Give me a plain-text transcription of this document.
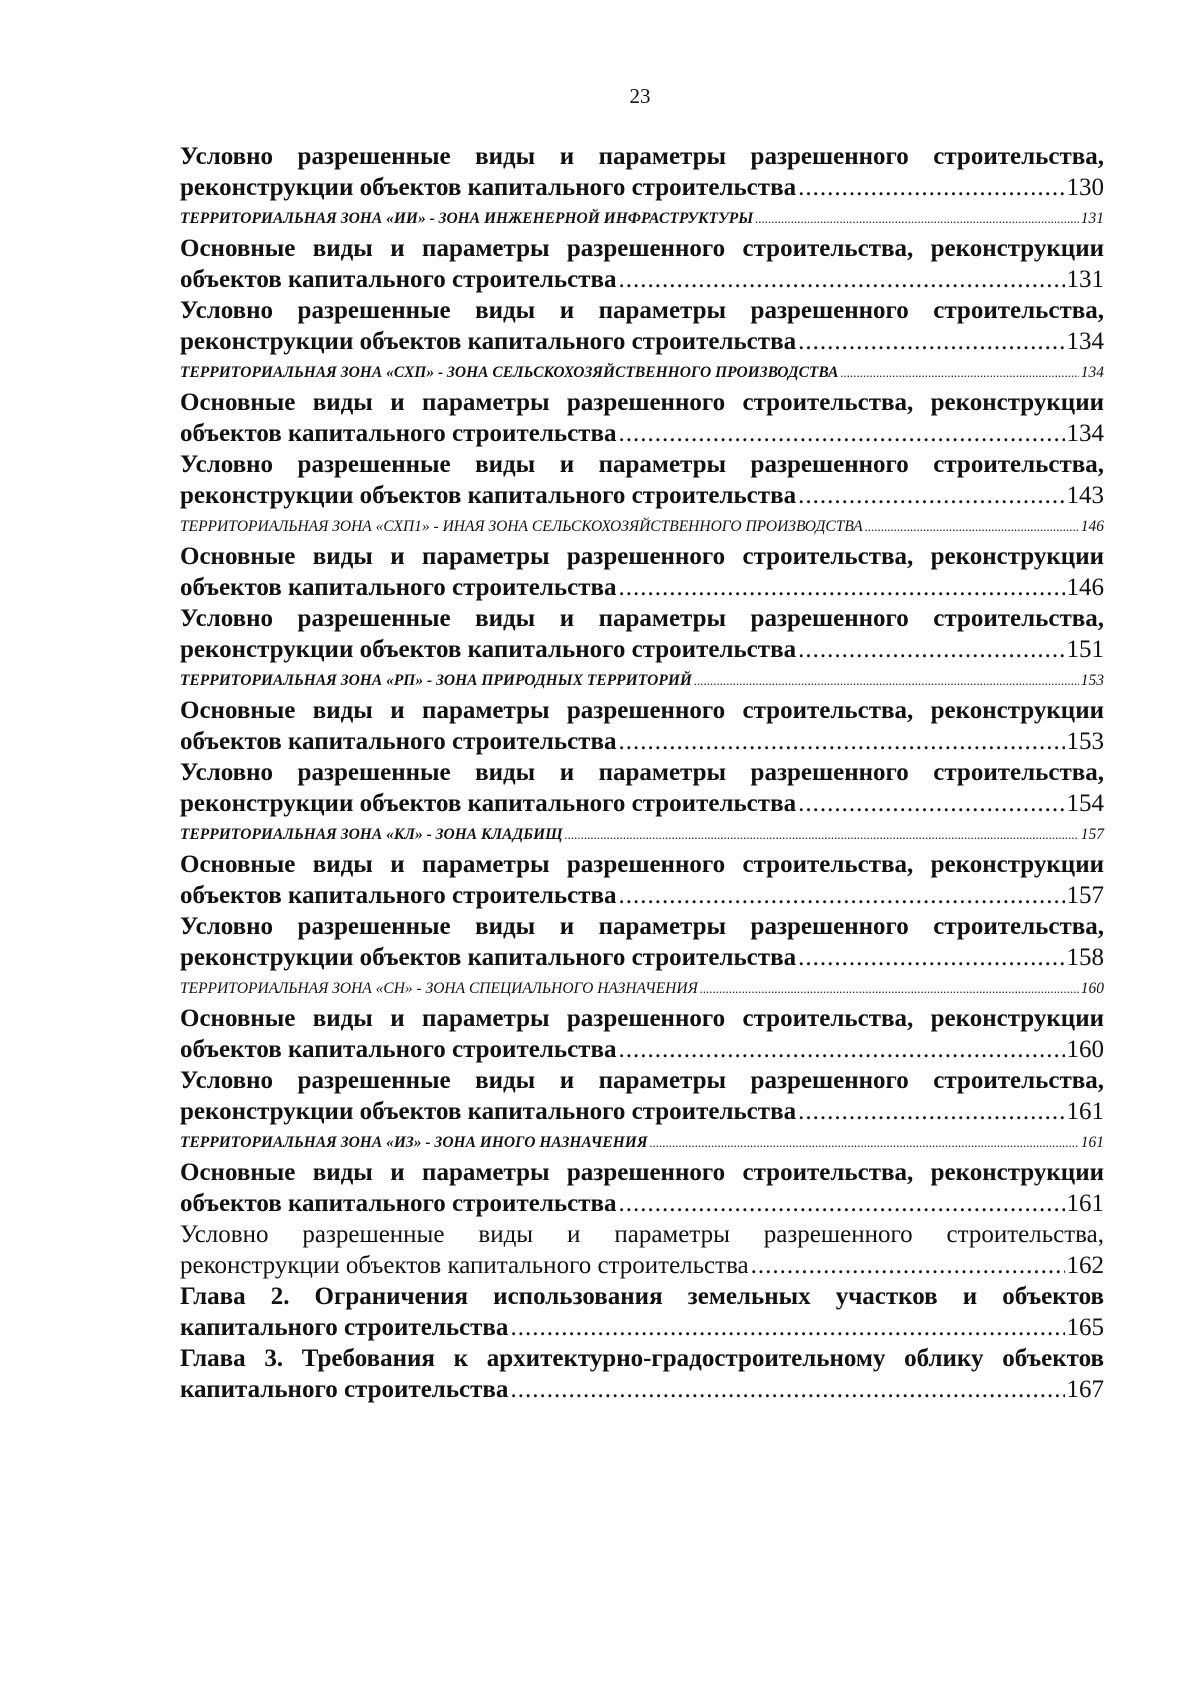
23
Условно разрешенные виды и параметры разрешенного строительства,
реконструкции объектов капитального строительства .....	130
ТЕРРИТОРИАЛЬНАЯ ЗОНА «ИИ» - ЗОНА ИНЖЕНЕРНОЙ ИНФРАСТРУКТУРЫ .....	131
Основные виды и параметры разрешенного строительства, реконструкции
объектов капитального строительства .....	131
Условно разрешенные виды и параметры разрешенного строительства,
реконструкции объектов капитального строительства .....	134
ТЕРРИТОРИАЛЬНАЯ ЗОНА «СХП» - ЗОНА СЕЛЬСКОХОЗЯЙСТВЕННОГО ПРОИЗВОДСТВА .....	134
Основные виды и параметры разрешенного строительства, реконструкции
объектов капитального строительства .....	134
Условно разрешенные виды и параметры разрешенного строительства,
реконструкции объектов капитального строительства .....	143
ТЕРРИТОРИАЛЬНАЯ ЗОНА «СХП1» - ИНАЯ ЗОНА СЕЛЬСКОХОЗЯЙСТВЕННОГО ПРОИЗВОДСТВА .....	146
Основные виды и параметры разрешенного строительства, реконструкции
объектов капитального строительства .....	146
Условно разрешенные виды и параметры разрешенного строительства,
реконструкции объектов капитального строительства .....	151
ТЕРРИТОРИАЛЬНАЯ ЗОНА «РП» - ЗОНА ПРИРОДНЫХ ТЕРРИТОРИЙ .....	153
Основные виды и параметры разрешенного строительства, реконструкции
объектов капитального строительства .....	153
Условно разрешенные виды и параметры разрешенного строительства,
реконструкции объектов капитального строительства .....	154
ТЕРРИТОРИАЛЬНАЯ ЗОНА «КЛ» - ЗОНА КЛАДБИЩ .....	157
Основные виды и параметры разрешенного строительства, реконструкции
объектов капитального строительства .....	157
Условно разрешенные виды и параметры разрешенного строительства,
реконструкции объектов капитального строительства .....	158
ТЕРРИТОРИАЛЬНАЯ ЗОНА «СН» - ЗОНА СПЕЦИАЛЬНОГО НАЗНАЧЕНИЯ .....	160
Основные виды и параметры разрешенного строительства, реконструкции
объектов капитального строительства .....	160
Условно разрешенные виды и параметры разрешенного строительства,
реконструкции объектов капитального строительства .....	161
ТЕРРИТОРИАЛЬНАЯ ЗОНА «ИЗ» - ЗОНА ИНОГО НАЗНАЧЕНИЯ .....	161
Основные виды и параметры разрешенного строительства, реконструкции
объектов капитального строительства .....	161
Условно разрешенные виды и параметры разрешенного строительства,
реконструкции объектов капитального строительства .....	162
Глава 2. Ограничения использования земельных участков и объектов
капитального строительства .....	165
Глава 3. Требования к архитектурно-градостроительному облику объектов
капитального строительства .....	167
